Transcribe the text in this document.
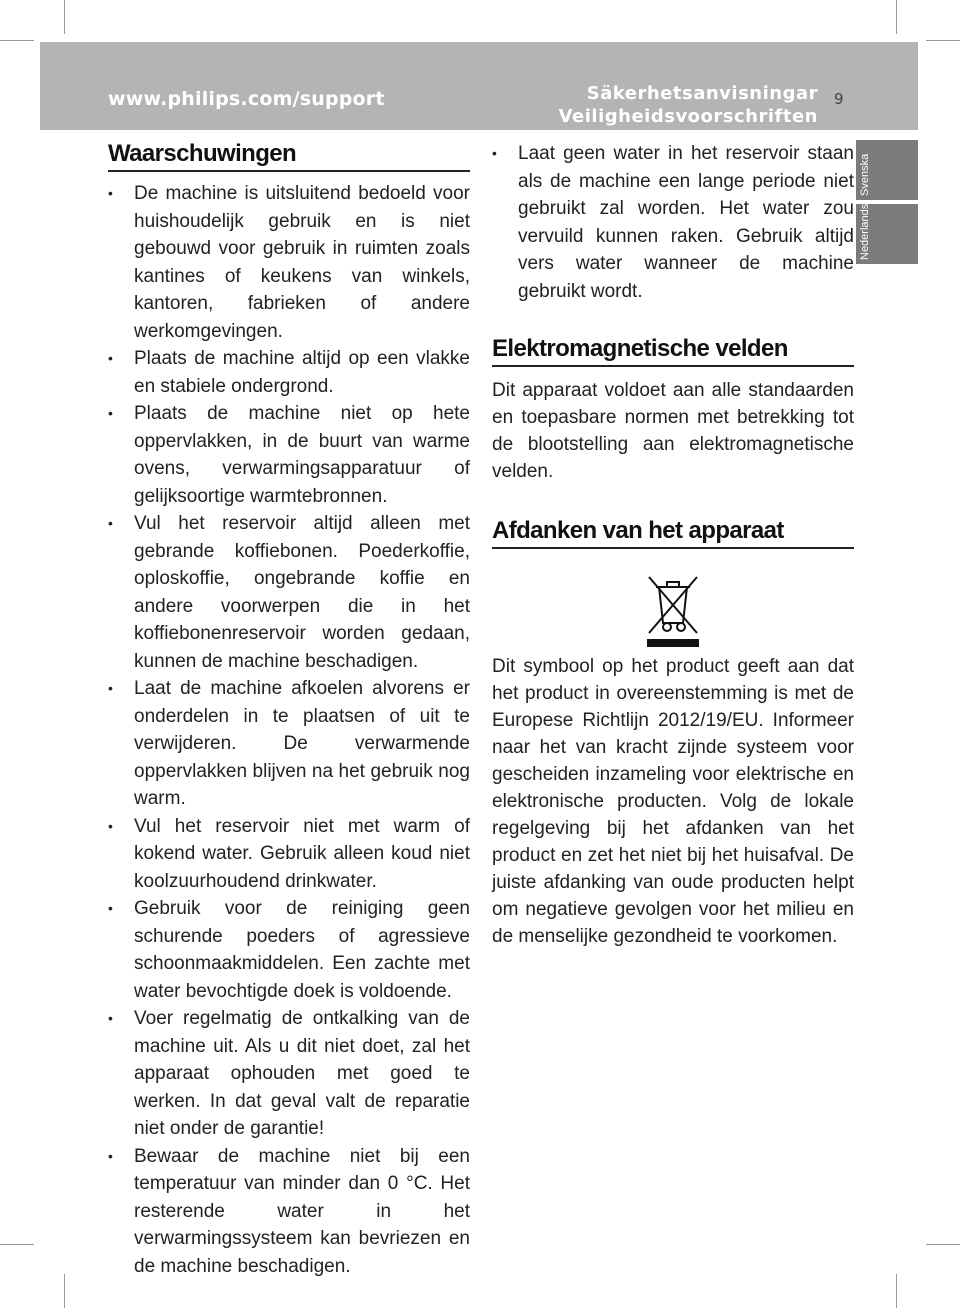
www.philips.com/support	Säkerhetsanvisningar
Veiligheidsvoorschriften
9
Svenska
Nederlands
Waarschuwingen
• De machine is uitsluitend bedoeld voor huishoudelijk gebruik en is niet gebouwd voor gebruik in ruimten zoals kantines of keukens van winkels, kantoren, fabrieken of andere werkomgevingen.
• Plaats de machine altijd op een vlakke en stabiele ondergrond.
• Plaats de machine niet op hete oppervlakken, in de buurt van warme ovens, verwarmingsapparatuur of gelijksoortige warmtebronnen.
• Vul het reservoir altijd alleen met gebrande koffiebonen. Poederkoffie, oploskoffie, ongebrande koffie en andere voorwerpen die in het koffiebonenreservoir worden gedaan, kunnen de machine beschadigen.
• Laat de machine afkoelen alvorens er onderdelen in te plaatsen of uit te verwijderen. De verwarmende oppervlakken blijven na het gebruik nog warm.
• Vul het reservoir niet met warm of kokend water. Gebruik alleen koud niet koolzuurhoudend drinkwater.
• Gebruik voor de reiniging geen schurende poeders of agressieve schoonmaakmiddelen. Een zachte met water bevochtigde doek is voldoende.
• Voer regelmatig de ontkalking van de machine uit. Als u dit niet doet, zal het apparaat ophouden met goed te werken. In dat geval valt de reparatie niet onder de garantie!
• Bewaar de machine niet bij een temperatuur van minder dan 0 °C. Het resterende water in het verwarmingssysteem kan bevriezen en de machine beschadigen.
• Laat geen water in het reservoir staan als de machine een lange periode niet gebruikt zal worden. Het water zou vervuild kunnen raken. Gebruik altijd vers water wanneer de machine gebruikt wordt.
Elektromagnetische velden

Dit apparaat voldoet aan alle standaarden en toepasbare normen met betrekking tot de blootstelling aan elektromagnetische velden.

Afdanken van het apparaat

Dit symbool op het product geeft aan dat het product in overeenstemming is met de Europese Richtlijn 2012/19/EU. Informeer naar het van kracht zijnde systeem voor gescheiden inzameling voor elektrische en elektronische producten. Volg de lokale regelgeving bij het afdanken van het product en zet het niet bij het huisafval. De juiste afdanking van oude producten helpt om negatieve gevolgen voor het milieu en de menselijke gezondheid te voorkomen.
